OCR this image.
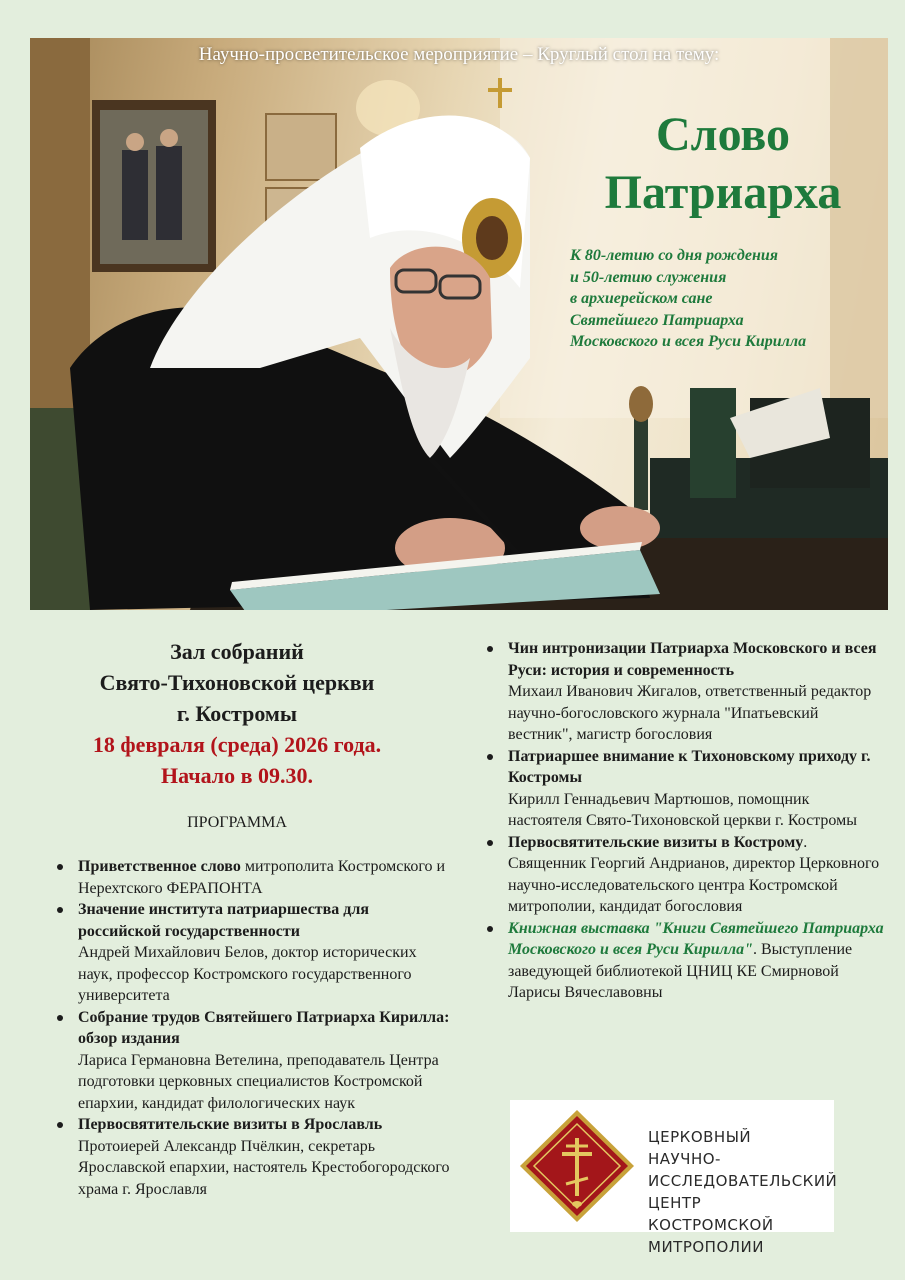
Научно-просветительское мероприятие – Круглый стол на тему:
Слово
Патриарха
К 80-летию со дня рождения
и 50-летию служения
в архиерейском сане
Святейшего Патриарха
Московского и всея Руси Кирилла
Зал собраний
Свято-Тихоновской церкви
г. Костромы
18 февраля (среда) 2026 года.
Начало в 09.30.
ПРОГРАММА
Приветственное слово митрополита Костромского и Нерехтского ФЕРАПОНТА
Значение института патриаршества для российской государственности
Андрей Михайлович Белов, доктор исторических наук, профессор Костромского государственного университета
Собрание трудов Святейшего Патриарха Кирилла: обзор издания
Лариса Германовна Ветелина, преподаватель Центра подготовки церковных специалистов Костромской епархии, кандидат филологических наук
Первосвятительские визиты в Ярославль
Протоиерей Александр Пчёлкин, секретарь Ярославской епархии, настоятель Крестобогородского храма г. Ярославля
Чин интронизации Патриарха Московского и всея Руси: история и современность
Михаил Иванович Жигалов, ответственный редактор научно-богословского журнала "Ипатьевский вестник", магистр богословия
Патриаршее внимание к Тихоновскому приходу г. Костромы
Кирилл Геннадьевич Мартюшов, помощник настоятеля Свято-Тихоновской церкви г. Костромы
Первосвятительские визиты в Кострому. Священник Георгий Андрианов, директор Церковного научно-исследовательского центра Костромской митрополии, кандидат богословия
Книжная выставка "Книги Святейшего Патриарха Московского и всея Руси Кирилла". Выступление заведующей библиотекой ЦНИЦ КЕ Смирновой Ларисы Вячеславовны
ЦЕРКОВНЫЙ НАУЧНО-
ИССЛЕДОВАТЕЛЬСКИЙ ЦЕНТР
КОСТРОМСКОЙ МИТРОПОЛИИ
